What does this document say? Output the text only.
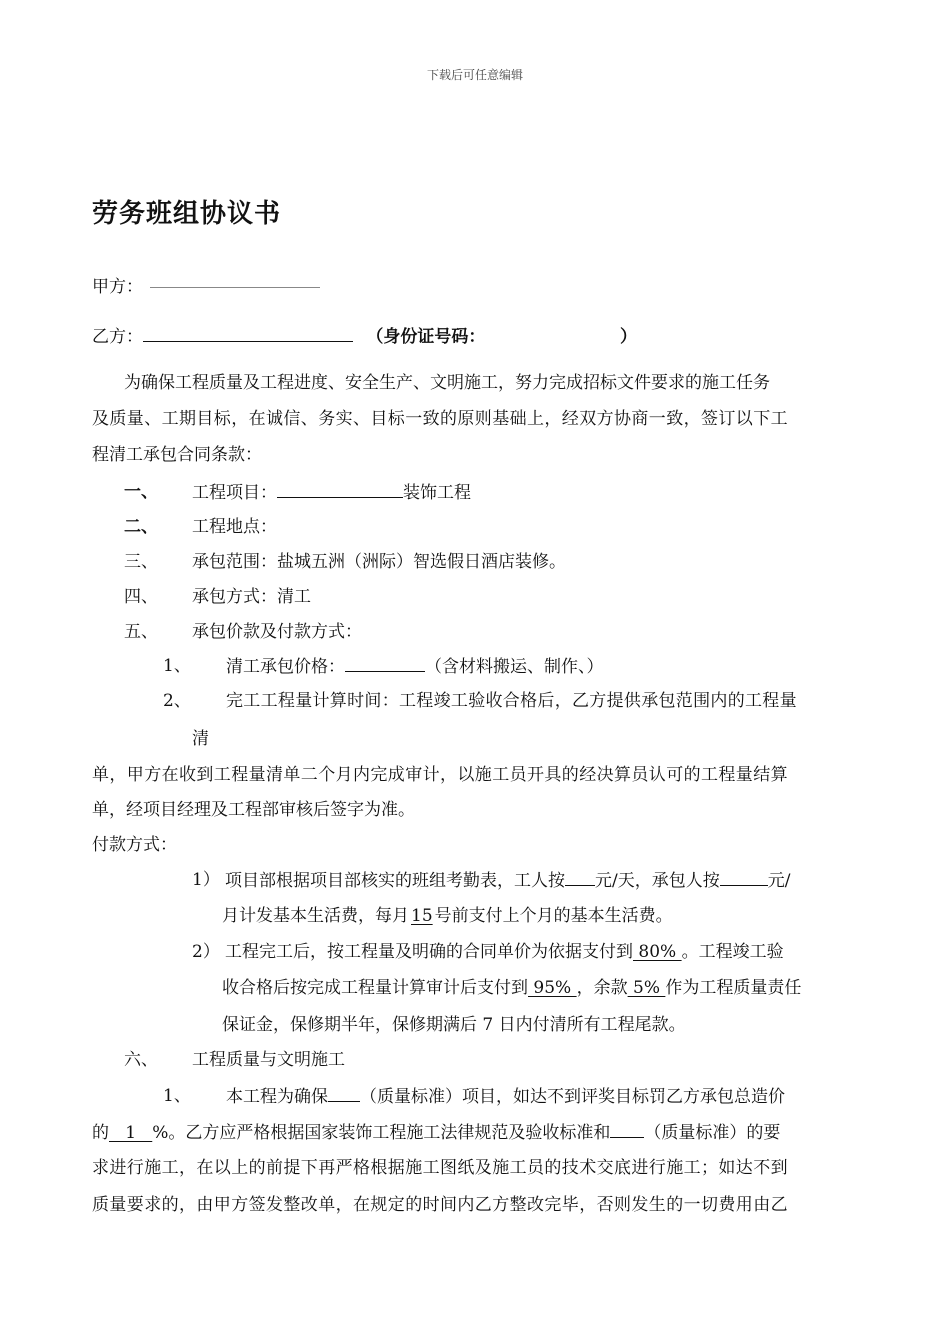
下载后可任意编辑
劳务班组协议书
甲方：
乙方：	（身份证号码：	）
为确保工程质量及工程进度、安全生产、文明施工，努力完成招标文件要求的施工任务
及质量、工期目标，在诚信、务实、目标一致的原则基础上，经双方协商一致，签订以下工
程清工承包合同条款：
一、 工程项目：	装饰工程
二、 工程地点：
三、 承包范围：盐城五洲（洲际）智选假日酒店装修。
四、 承包方式：清工
五、 承包价款及付款方式：
1、 清工承包价格：	（含材料搬运、制作、）
2、 完工工程量计算时间：工程竣工验收合格后，乙方提供承包范围内的工程量
清
单，甲方在收到工程量清单二个月内完成审计，以施工员开具的经决算员认可的工程量结算
单，经项目经理及工程部审核后签字为准。
付款方式：
1） 项目部根据项目部核实的班组考勤表，工人按 元/天，承包人按	元/
月计发基本生活费，每月 15 号前支付上个月的基本生活费。
2） 工程完工后，按工程量及明确的合同单价为依据支付到 80% 。工程竣工验
收合格后按完成工程量计算审计后支付到 95% ，余款 5% 作为工程质量责任
保证金，保修期半年，保修期满后 7 日内付清所有工程尾款。
六、 工程质量与文明施工
1、 本工程为确保 （质量标准）项目，如达不到评奖目标罚乙方承包总造价
的   1   %。乙方应严格根据国家装饰工程施工法律规范及验收标准和 （质量标准）的要
求进行施工，在以上的前提下再严格根据施工图纸及施工员的技术交底进行施工；如达不到
质量要求的，由甲方签发整改单，在规定的时间内乙方整改完毕，否则发生的一切费用由乙
